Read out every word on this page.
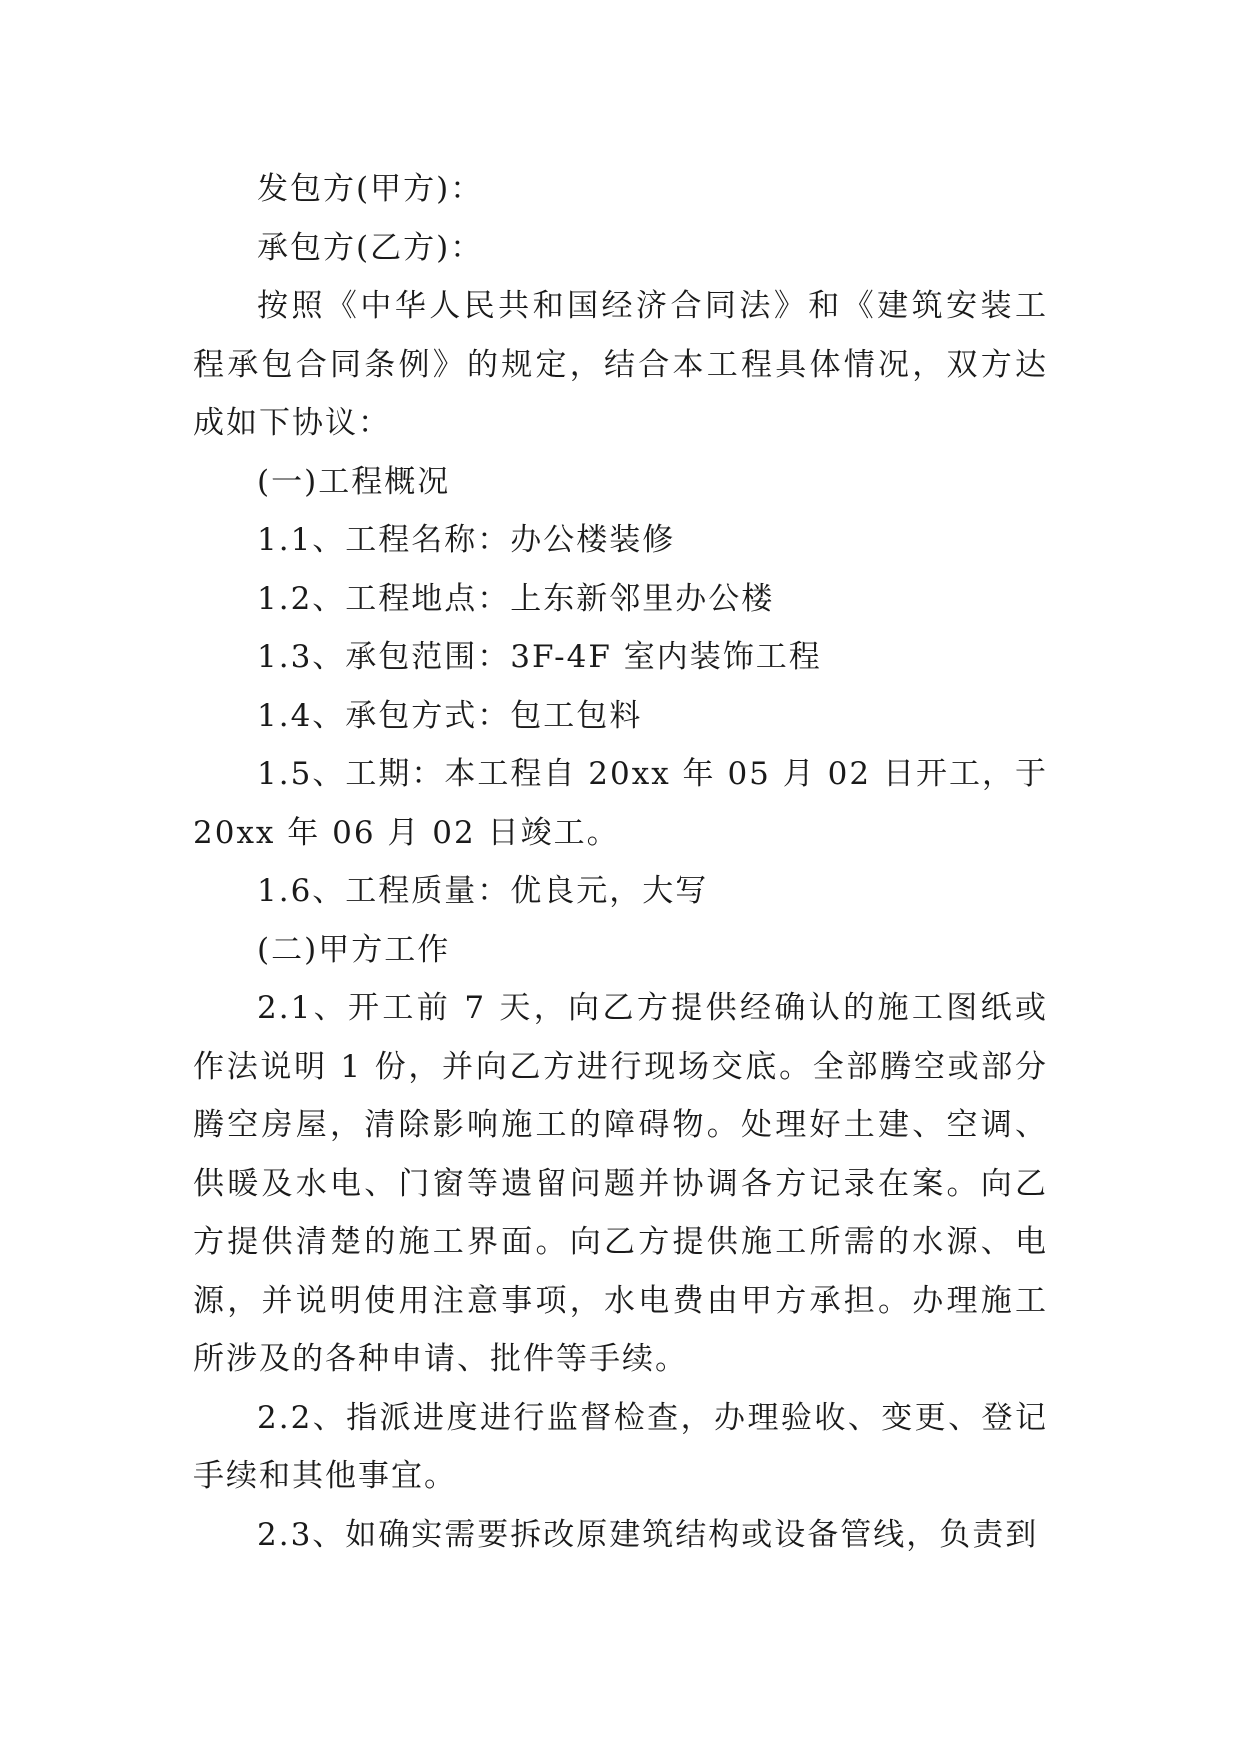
发包方(甲方)：

承包方(乙方)：

按照《中华人民共和国经济合同法》和《建筑安装工程承包合同条例》的规定，结合本工程具体情况，双方达成如下协议：

(一)工程概况

1.1、工程名称：办公楼装修

1.2、工程地点：上东新邻里办公楼

1.3、承包范围：3F-4F 室内装饰工程

1.4、承包方式：包工包料

1.5、工期：本工程自 20xx 年 05 月 02 日开工，于 20xx 年 06 月 02 日竣工。

1.6、工程质量：优良元，大写

(二)甲方工作

2.1、开工前 7 天，向乙方提供经确认的施工图纸或作法说明 1 份，并向乙方进行现场交底。全部腾空或部分腾空房屋，清除影响施工的障碍物。处理好土建、空调、供暖及水电、门窗等遗留问题并协调各方记录在案。向乙方提供清楚的施工界面。向乙方提供施工所需的水源、电源，并说明使用注意事项，水电费由甲方承担。办理施工所涉及的各种申请、批件等手续。

2.2、指派进度进行监督检查，办理验收、变更、登记手续和其他事宜。

2.3、如确实需要拆改原建筑结构或设备管线，负责到
